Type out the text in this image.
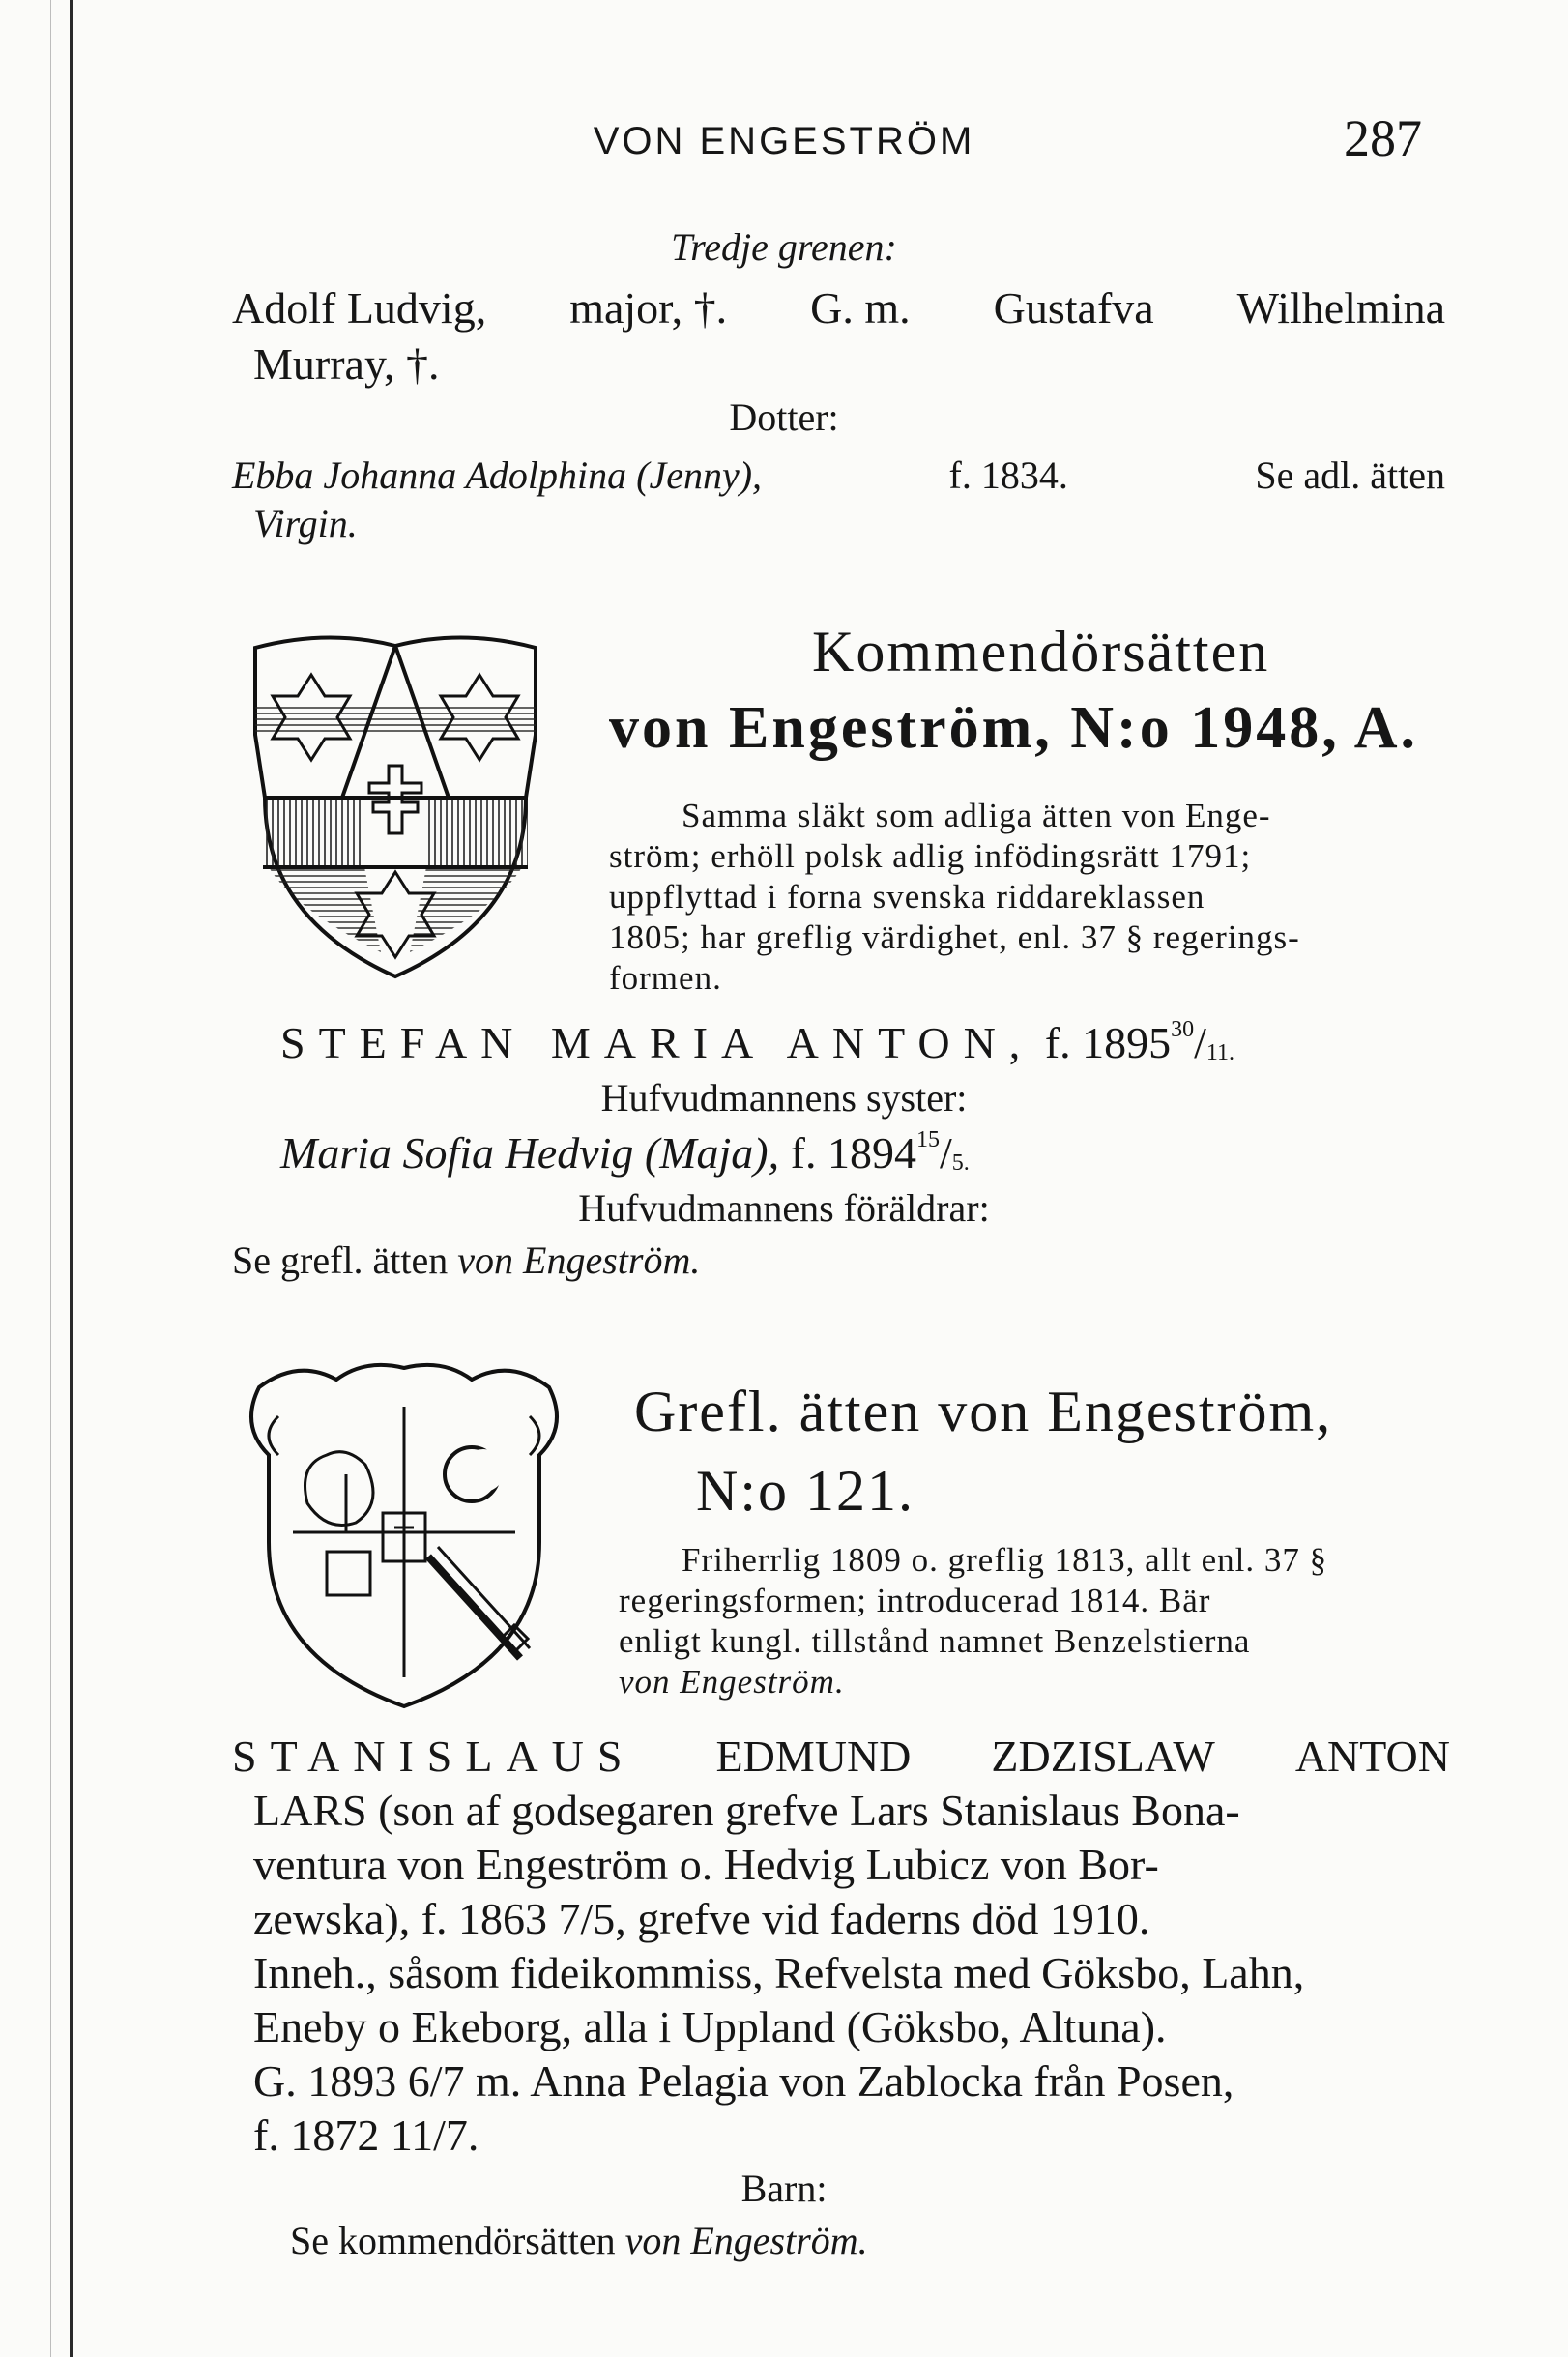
VON ENGESTRÖM	287
Tredje grenen:
Adolf Ludvig, major, †. G. m. Gustafva Wilhelmina
Murray, †.
Dotter:
Ebba Johanna Adolphina (Jenny),	f. 1834.	Se adl. ätten
Virgin.
Kommendörsätten
von Engeström, N:o 1948, A.
Samma släkt som adliga ätten von Enge-
ström; erhöll polsk adlig infödingsrätt 1791;
uppflyttad i forna svenska riddareklassen
1805; har greflig värdighet, enl. 37 § regerings-
formen.
STEFAN MARIA ANTON, f. $1895^{30}/_{11.}$
Hufvudmannens syster:
Maria Sofia Hedvig (Maja), f. $1894^{15}/_{5.}$
Hufvudmannens föräldrar:
Se grefl. ätten von Engeström.
Grefl. ätten von Engeström,
N:o 121.
Friherrlig 1809 o. greflig 1813, allt enl. 37 §
regeringsformen; introducerad 1814. Bär
enligt kungl. tillstånd namnet Benzelstierna
von Engeström.
STANISLAUS EDMUND ZDZISLAW ANTON
LARS (son af godsegaren grefve Lars Stanislaus Bona-
ventura von Engeström o. Hedvig Lubicz von Bor-
zewska), f. 1863 7/5, grefve vid faderns död 1910.
Inneh., såsom fideikommiss, Refvelsta med Göksbo, Lahn,
Eneby o Ekeborg, alla i Uppland (Göksbo, Altuna).
G. 1893 6/7 m. Anna Pelagia von Zablocka från Posen,
f. 1872 11/7.
Barn:
Se kommendörsätten von Engeström.
